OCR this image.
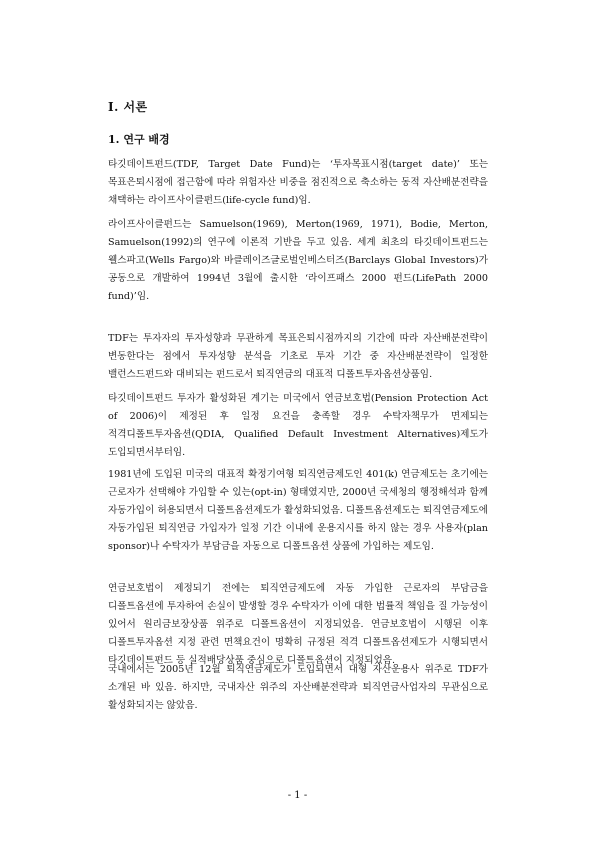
Ⅰ. 서론
1. 연구 배경

타깃데이트펀드(TDF, Target Date Fund)는 ‘투자목표시점(target date)’ 또는 목표은퇴시점에 접근함에 따라 위험자산 비중을 점진적으로 축소하는 동적 자산배분전략을 채택하는 라이프사이클펀드(life-cycle fund)임.

라이프사이클펀드는 Samuelson(1969), Merton(1969, 1971), Bodie, Merton, Samuelson(1992)의 연구에 이론적 기반을 두고 있음. 세계 최초의 타깃데이트펀드는 웰스파고(Wells Fargo)와 바클레이즈글로벌인베스터즈(Barclays Global Investors)가 공동으로 개발하여 1994년 3월에 출시한 ‘라이프패스 2000 펀드(LifePath 2000 fund)’임.

TDF는 투자자의 투자성향과 무관하게 목표은퇴시점까지의 기간에 따라 자산배분전략이 변동한다는 점에서 투자성향 분석을 기초로 투자 기간 중 자산배분전략이 일정한 밸런스드펀드와 대비되는 펀드로서 퇴직연금의 대표적 디폴트투자옵션상품임.

타깃데이트펀드 투자가 활성화된 계기는 미국에서 연금보호법(Pension Protection Act of 2006)이 제정된 후 일정 요건을 충족할 경우 수탁자책무가 면제되는 적격디폴트투자옵션(QDIA, Qualified Default Investment Alternatives)제도가 도입되면서부터임.

1981년에 도입된 미국의 대표적 확정기여형 퇴직연금제도인 401(k) 연금제도는 초기에는 근로자가 선택해야 가입할 수 있는(opt-in) 형태였지만, 2000년 국세청의 행정해석과 함께 자동가입이 허용되면서 디폴트옵션제도가 활성화되었음. 디폴트옵션제도는 퇴직연금제도에 자동가입된 퇴직연금 가입자가 일정 기간 이내에 운용지시를 하지 않는 경우 사용자(plan sponsor)나 수탁자가 부담금을 자동으로 디폴트옵션 상품에 가입하는 제도임.

연금보호법이 제정되기 전에는 퇴직연금제도에 자동 가입한 근로자의 부담금을 디폴트옵션에 투자하여 손실이 발생할 경우 수탁자가 이에 대한 법률적 책임을 질 가능성이 있어서 원리금보장상품 위주로 디폴트옵션이 지정되었음. 연금보호법이 시행된 이후 디폴트투자옵션 지정 관련 면책요건이 명확히 규정된 적격 디폴트옵션제도가 시행되면서 타깃데이트펀드 등 실적배당상품 중심으로 디폴트옵션이 지정되었음.

국내에서는 2005년 12월 퇴직연금제도가 도입되면서 대형 자산운용사 위주로 TDF가 소개된 바 있음. 하지만, 국내자산 위주의 자산배분전략과 퇴직연금사업자의 무관심으로 활성화되지는 않았음.

- 1 -
